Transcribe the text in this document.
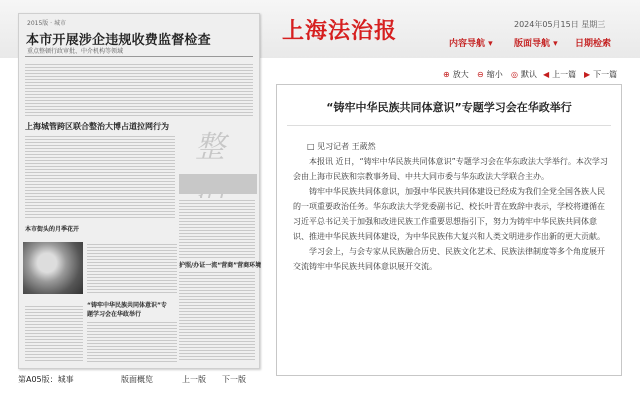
上海法治报	2024年05月15日 星期三
内容导航 ▾ 版面导航 ▾ 日期检索
2015版 · 城市
本市开展涉企违规收费监督检查
重点整顿行政审批、中介机构等领域
上海城管跨区联合整治大博占道拉网行为
整
本市街头的月季花开
护照/办证一流“营商”营商环境
“铸牢中华民族共同体意识”专题学习会在华政举行
第A05版：城事	版面概览	上一版 下一版
⊕ 放大 ⊖ 缩小 ◎ 默认 ◀ 上一篇 ▶ 下一篇
“铸牢中华民族共同体意识”专题学习会在华政举行
□ 见习记者 王葳然

本报讯 近日，“铸牢中华民族共同体意识”专题学习会在华东政法大学举行。本次学习会由上海市民族和宗教事务局、中共大同市委与华东政法大学联合主办。

铸牢中华民族共同体意识，加强中华民族共同体建设已经成为我们全党全国各族人民的一项重要政治任务。华东政法大学党委副书记、校长叶青在致辞中表示，学校将遵循在习近平总书记关于加强和改进民族工作重要思想指引下，努力为铸牢中华民族共同体意识、推进中华民族共同体建设，为中华民族伟大复兴和人类文明进步作出新的更大贡献。

学习会上，与会专家从民族融合历史、民族文化艺术、民族法律制度等多个角度展开交流铸牢中华民族共同体意识展开交流。
